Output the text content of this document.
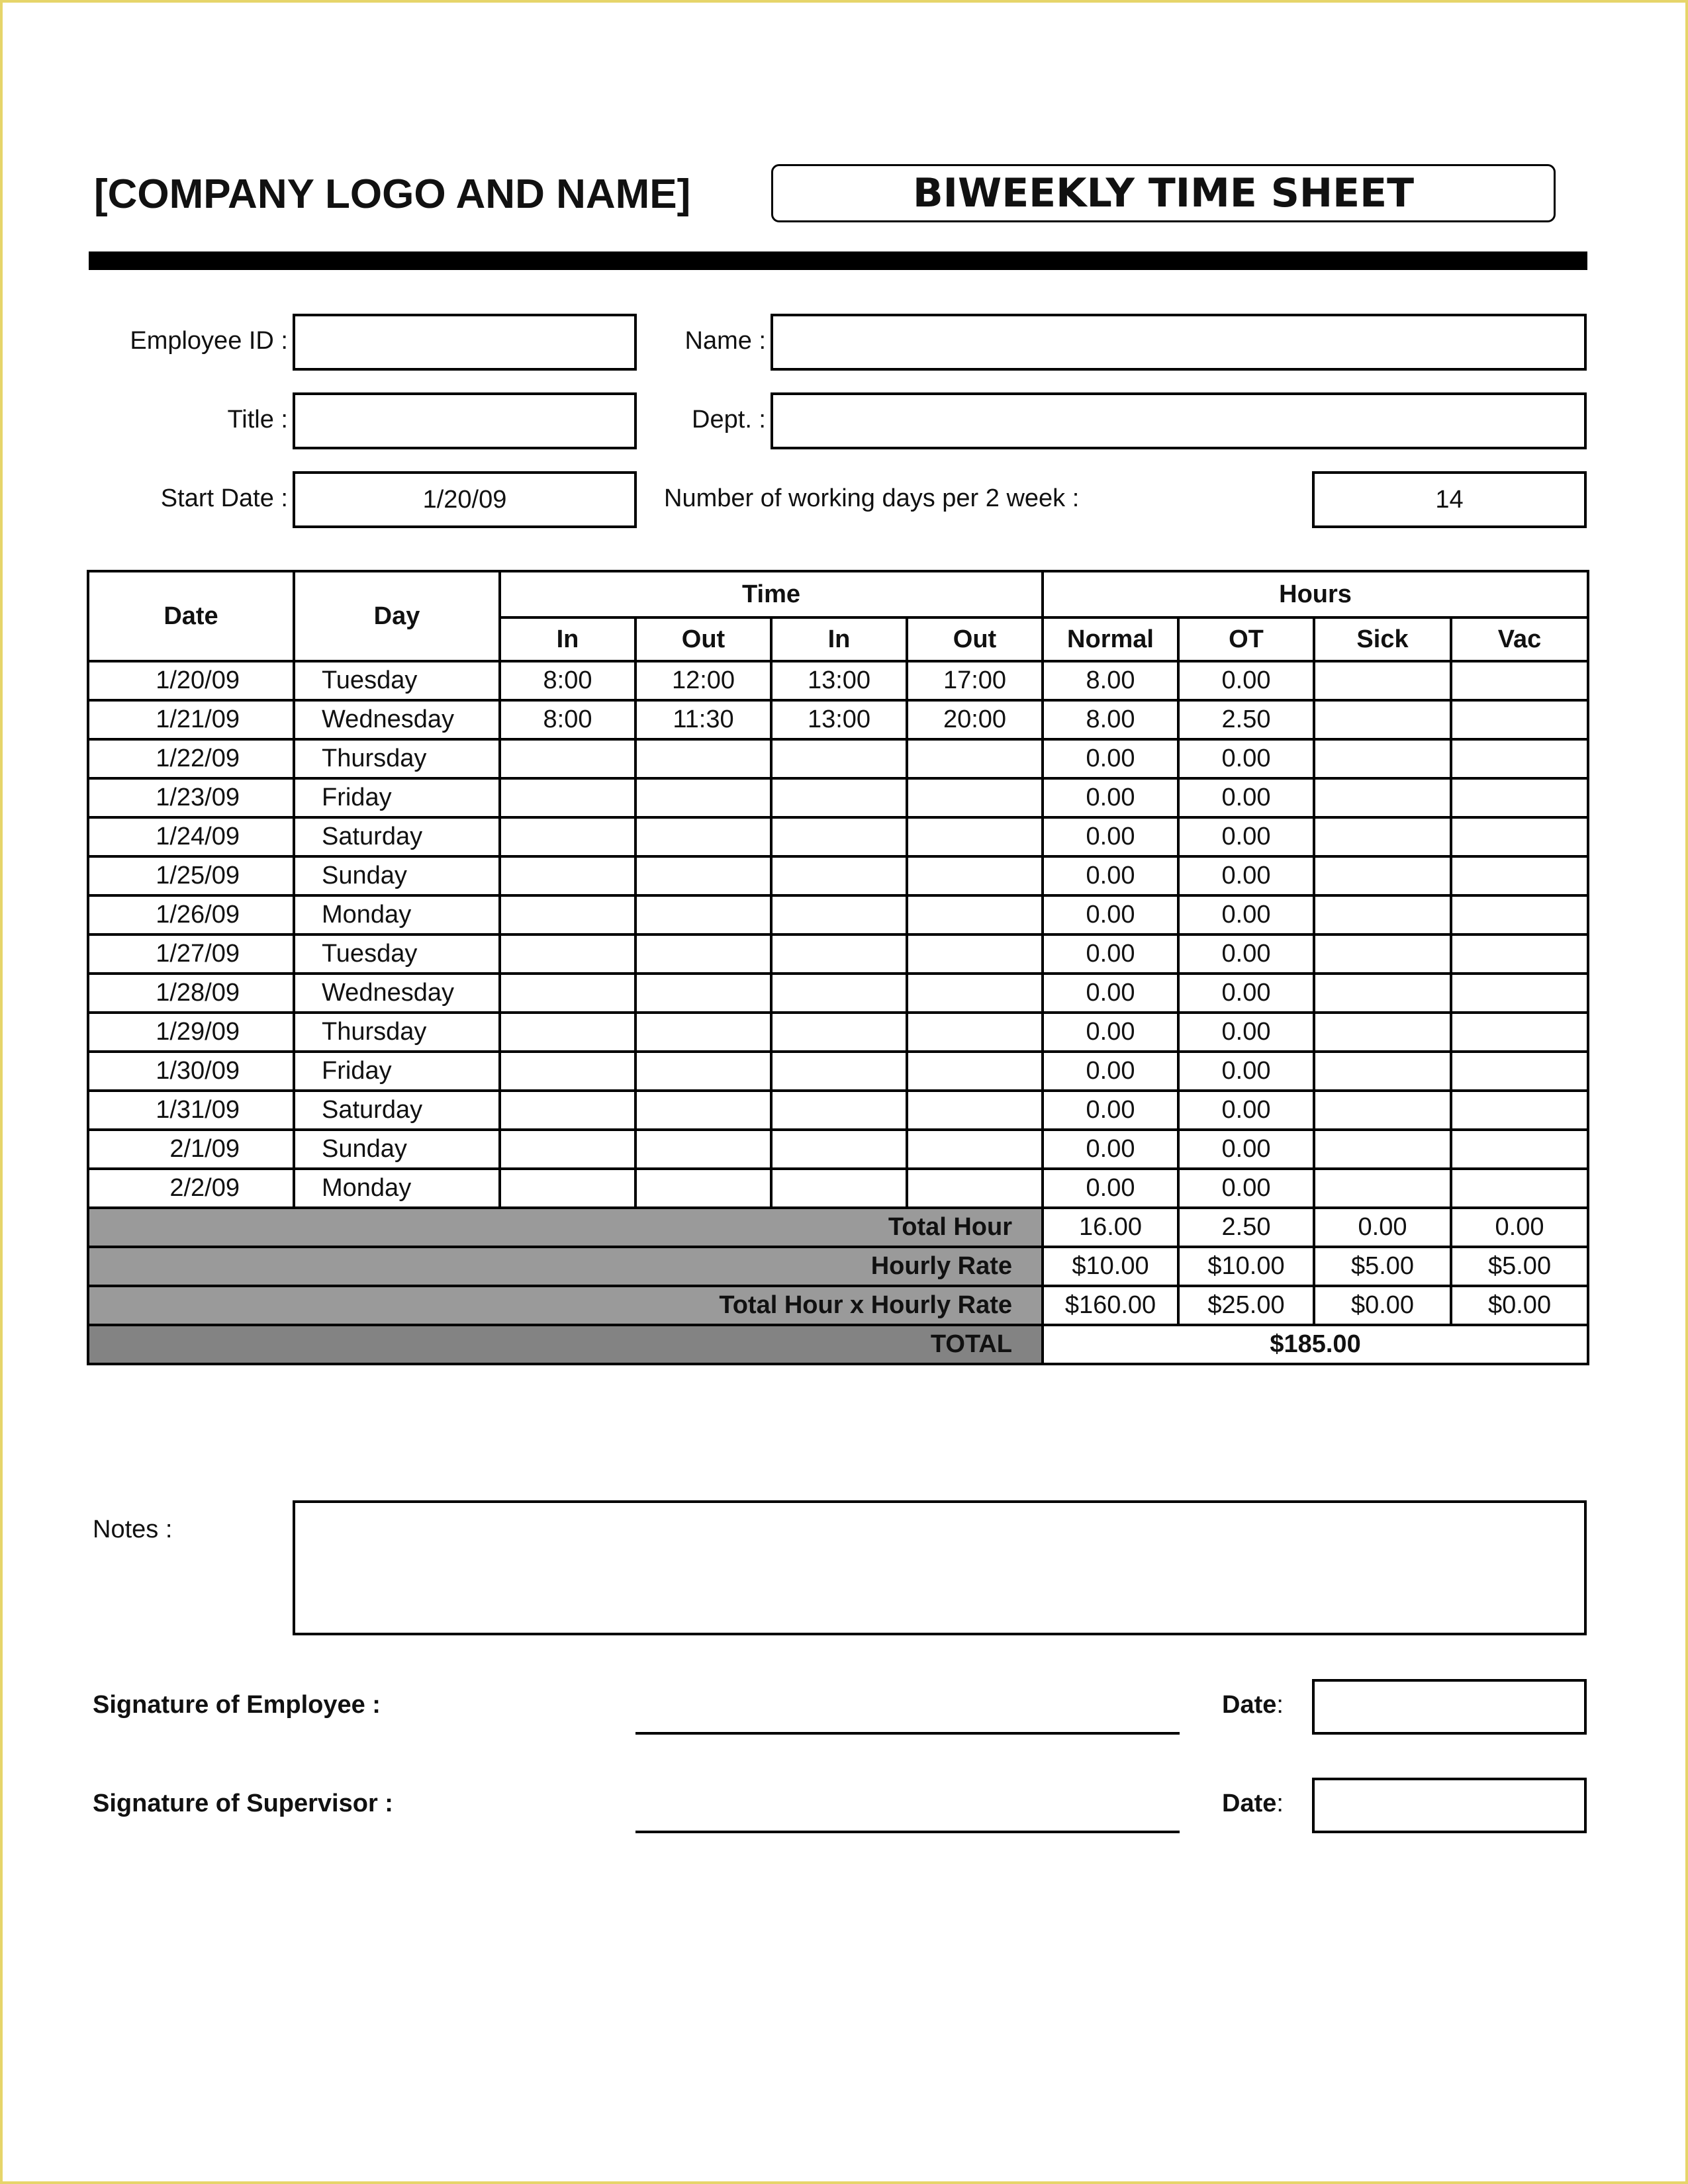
[COMPANY LOGO AND NAME]	BIWEEKLY TIME SHEET
Employee ID :	Name :
Title :	Dept. :
Start Date :	1/20/09	Number of working days per 2 week :	14
Date	Day	Time				Hours			
		In	Out	In	Out	Normal	OT	Sick	Vac
1/20/09	Tuesday	8:00	12:00	13:00	17:00	8.00	0.00		
1/21/09	Wednesday	8:00	11:30	13:00	20:00	8.00	2.50		
1/22/09	Thursday					0.00	0.00		
1/23/09	Friday					0.00	0.00		
1/24/09	Saturday					0.00	0.00		
1/25/09	Sunday					0.00	0.00		
1/26/09	Monday					0.00	0.00		
1/27/09	Tuesday					0.00	0.00		
1/28/09	Wednesday					0.00	0.00		
1/29/09	Thursday					0.00	0.00		
1/30/09	Friday					0.00	0.00		
1/31/09	Saturday					0.00	0.00		
2/1/09	Sunday					0.00	0.00		
2/2/09	Monday					0.00	0.00		
Total Hour						16.00	2.50	0.00	0.00
Hourly Rate						$10.00	$10.00	$5.00	$5.00
Total Hour x Hourly Rate						$160.00	$25.00	$0.00	$0.00
TOTAL						$185.00			
Notes :
Signature of Employee :	Date:
Signature of Supervisor :	Date:
